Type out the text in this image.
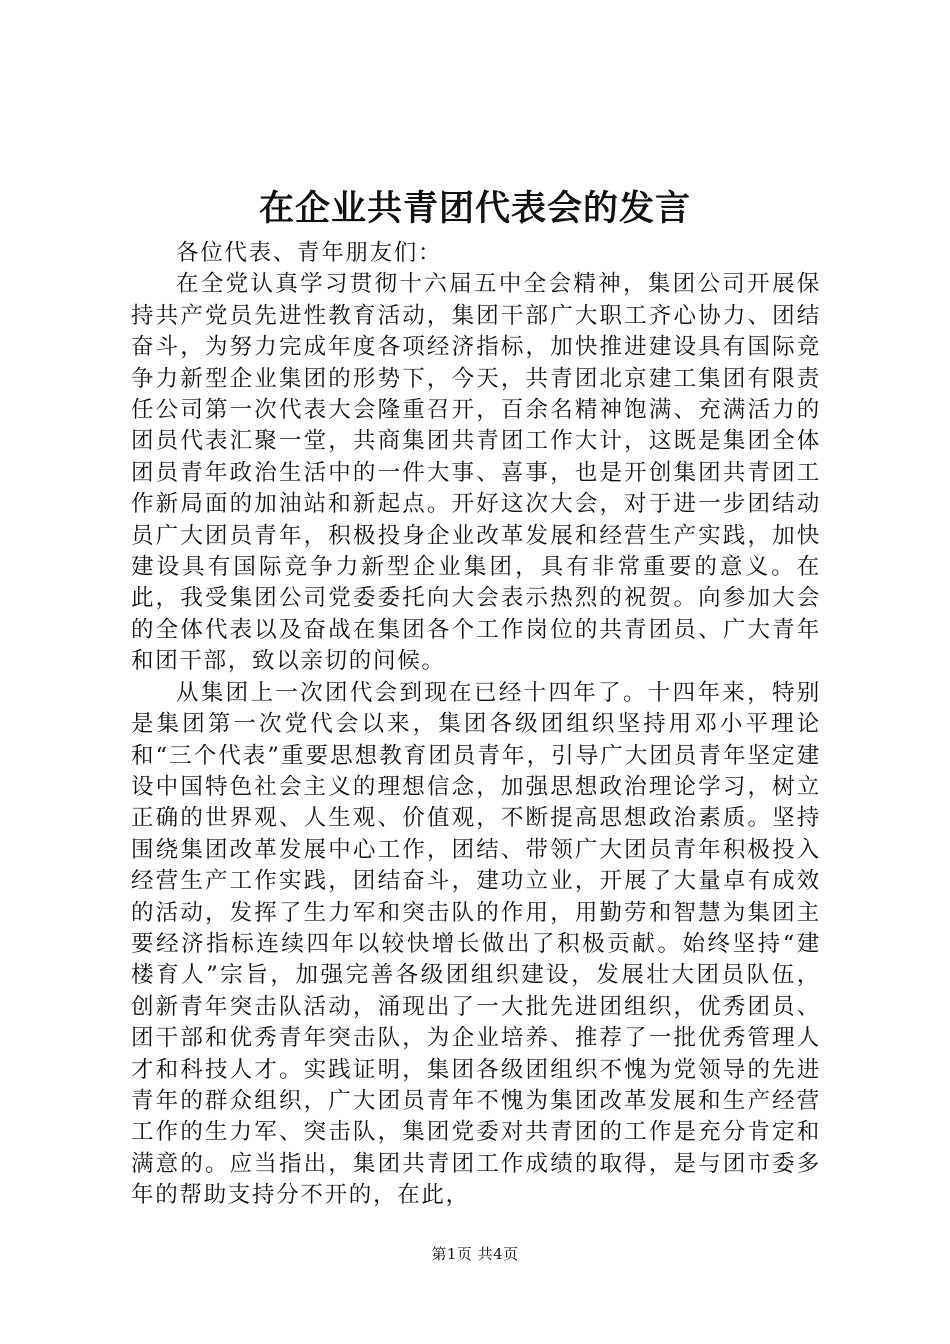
在企业共青团代表会的发言

各位代表、青年朋友们：

在全党认真学习贯彻十六届五中全会精神，集团公司开展保持共产党员先进性教育活动，集团干部广大职工齐心协力、团结奋斗，为努力完成年度各项经济指标，加快推进建设具有国际竞争力新型企业集团的形势下，今天，共青团北京建工集团有限责任公司第一次代表大会隆重召开，百余名精神饱满、充满活力的团员代表汇聚一堂，共商集团共青团工作大计，这既是集团全体团员青年政治生活中的一件大事、喜事，也是开创集团共青团工作新局面的加油站和新起点。开好这次大会，对于进一步团结动员广大团员青年，积极投身企业改革发展和经营生产实践，加快建设具有国际竞争力新型企业集团，具有非常重要的意义。在此，我受集团公司党委委托向大会表示热烈的祝贺。向参加大会的全体代表以及奋战在集团各个工作岗位的共青团员、广大青年和团干部，致以亲切的问候。

从集团上一次团代会到现在已经十四年了。十四年来，特别是集团第一次党代会以来，集团各级团组织坚持用邓小平理论和“三个代表”重要思想教育团员青年，引导广大团员青年坚定建设中国特色社会主义的理想信念，加强思想政治理论学习，树立正确的世界观、人生观、价值观，不断提高思想政治素质。坚持围绕集团改革发展中心工作，团结、带领广大团员青年积极投入经营生产工作实践，团结奋斗，建功立业，开展了大量卓有成效的活动，发挥了生力军和突击队的作用，用勤劳和智慧为集团主要经济指标连续四年以较快增长做出了积极贡献。始终坚持“建楼育人”宗旨，加强完善各级团组织建设，发展壮大团员队伍，创新青年突击队活动，涌现出了一大批先进团组织，优秀团员、团干部和优秀青年突击队，为企业培养、推荐了一批优秀管理人才和科技人才。实践证明，集团各级团组织不愧为党领导的先进青年的群众组织，广大团员青年不愧为集团改革发展和生产经营工作的生力军、突击队，集团党委对共青团的工作是充分肯定和满意的。应当指出，集团共青团工作成绩的取得，是与团市委多年的帮助支持分不开的，在此，

第1页 共4页
